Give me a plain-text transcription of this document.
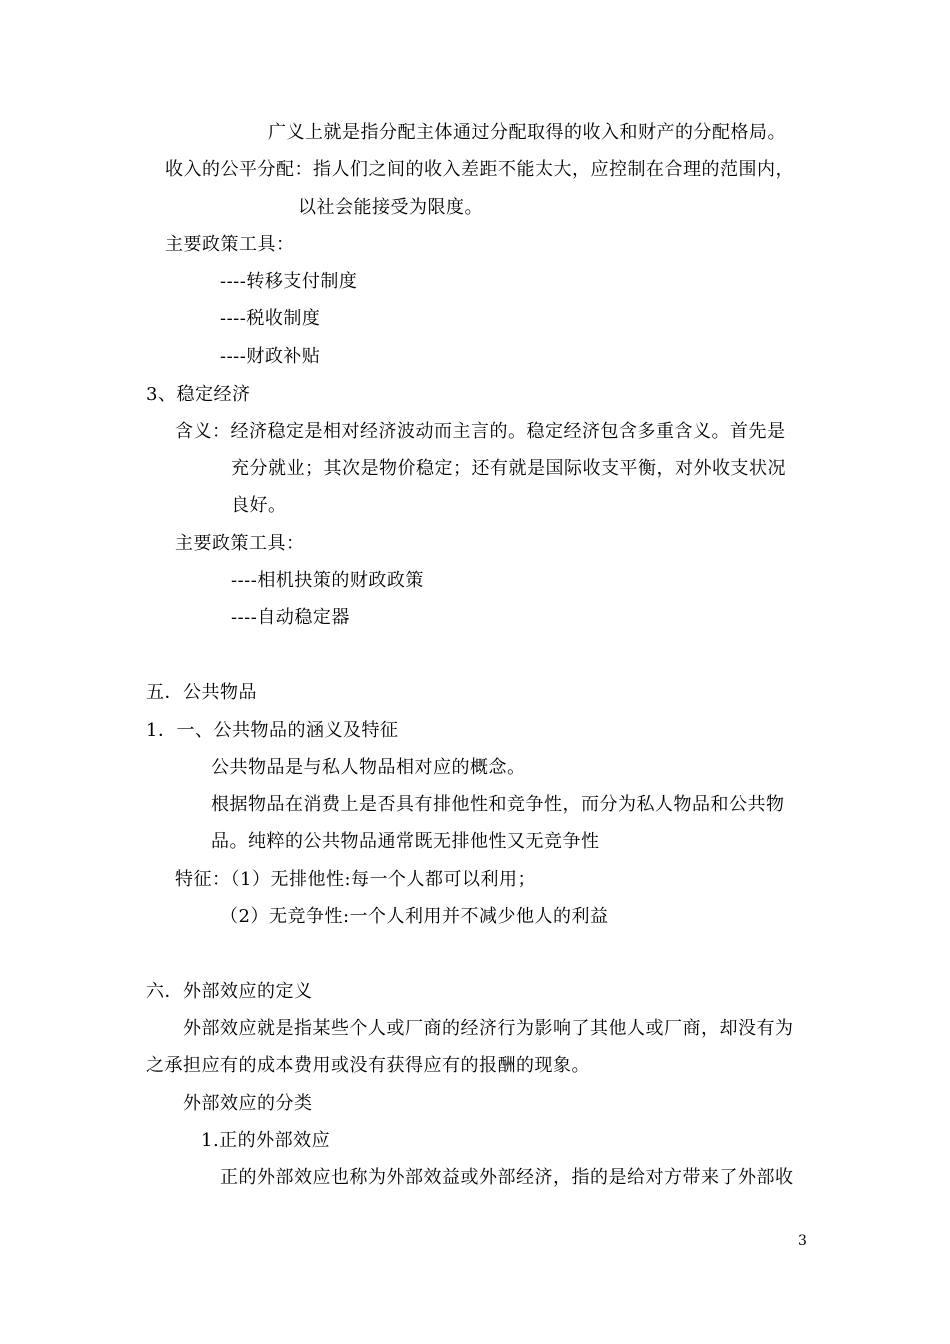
广义上就是指分配主体通过分配取得的收入和财产的分配格局。
收入的公平分配：指人们之间的收入差距不能太大，应控制在合理的范围内，
以社会能接受为限度。
主要政策工具：
----转移支付制度
----税收制度
----财政补贴
3、稳定经济
含义：经济稳定是相对经济波动而主言的。稳定经济包含多重含义。首先是
充分就业；其次是物价稳定；还有就是国际收支平衡，对外收支状况
良好。
主要政策工具：
----相机抉策的财政政策
----自动稳定器
五．公共物品
1．一、公共物品的涵义及特征
公共物品是与私人物品相对应的概念。
根据物品在消费上是否具有排他性和竞争性，而分为私人物品和公共物
品。纯粹的公共物品通常既无排他性又无竞争性
特征：（1）无排他性:每一个人都可以利用；
（2）无竞争性:一个人利用并不减少他人的利益
六．外部效应的定义
外部效应就是指某些个人或厂商的经济行为影响了其他人或厂商，却没有为
之承担应有的成本费用或没有获得应有的报酬的现象。
外部效应的分类
1.正的外部效应
正的外部效应也称为外部效益或外部经济，指的是给对方带来了外部收
3
